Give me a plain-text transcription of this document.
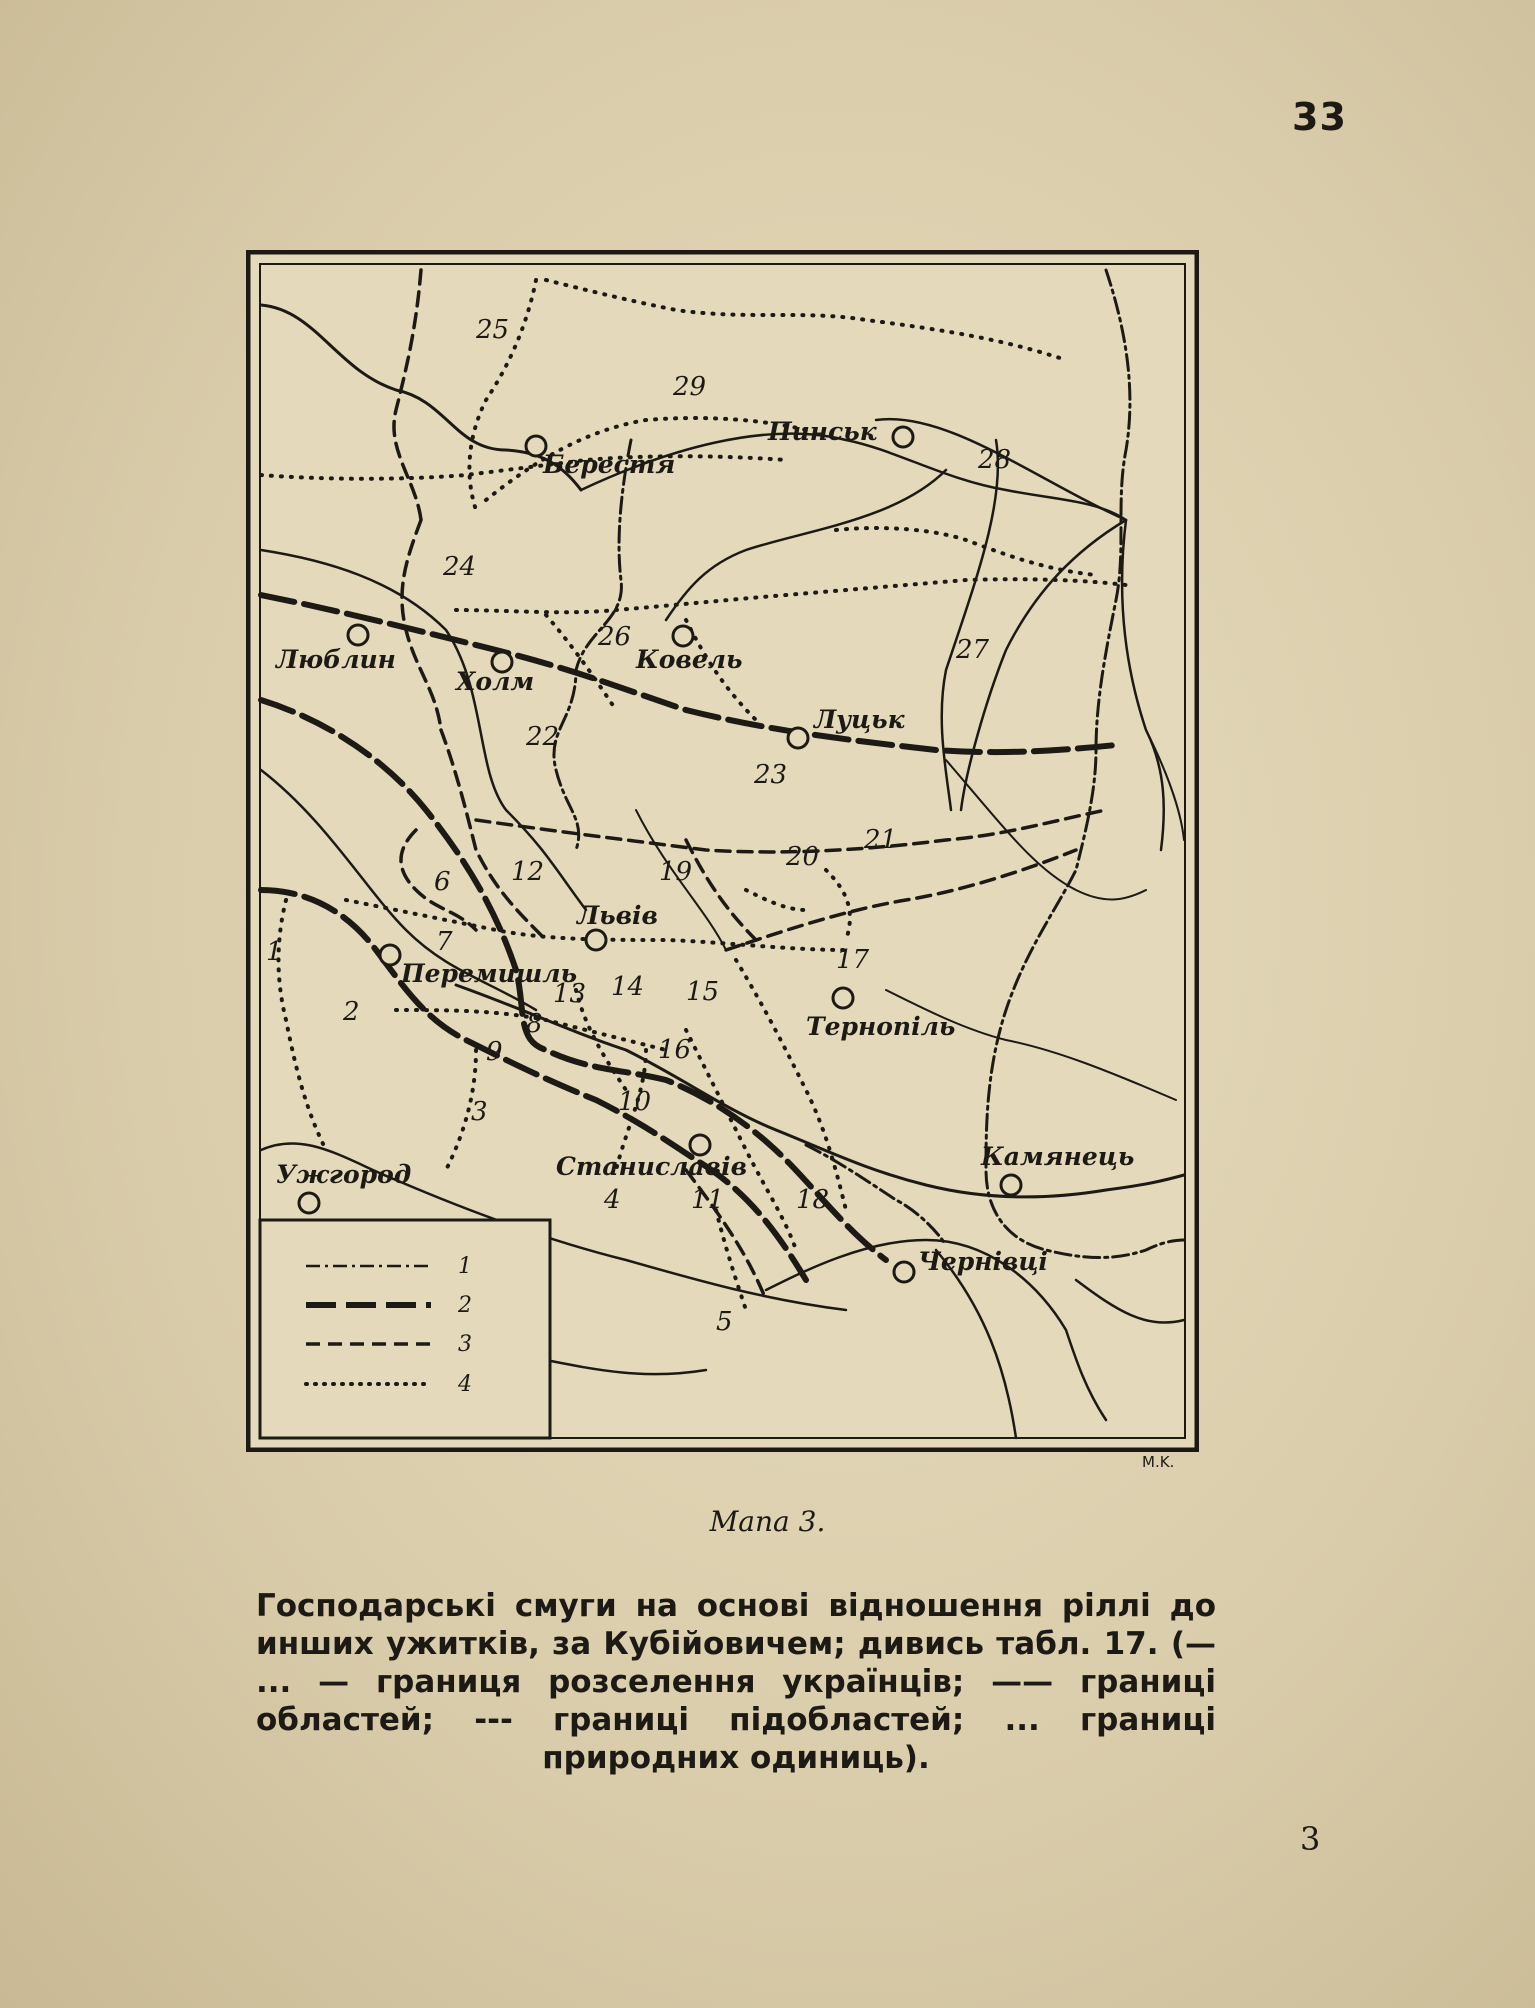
33
1
2
3
4
Берестя
Пинськ
Люблин
Холм
Ковель
Луцьк
Львів
Перемишль
Тернопіль
Станиславів
Ужгород
Камянець
Чернівці
1
2
3
4
5
6
7
8
9
10
11
12
13 14 15
16
17
18
19	20
21
22
23
24
25
26	27
28
29
M.K.
Мапа 3.
Господарські смуги на основі відношення ріллі до инших ужитків, за Кубійовичем; дивись табл. 17. (— ... — границя розселення українців; —— границі областей; --- границі підобластей; ... границі природних одиниць).
3
